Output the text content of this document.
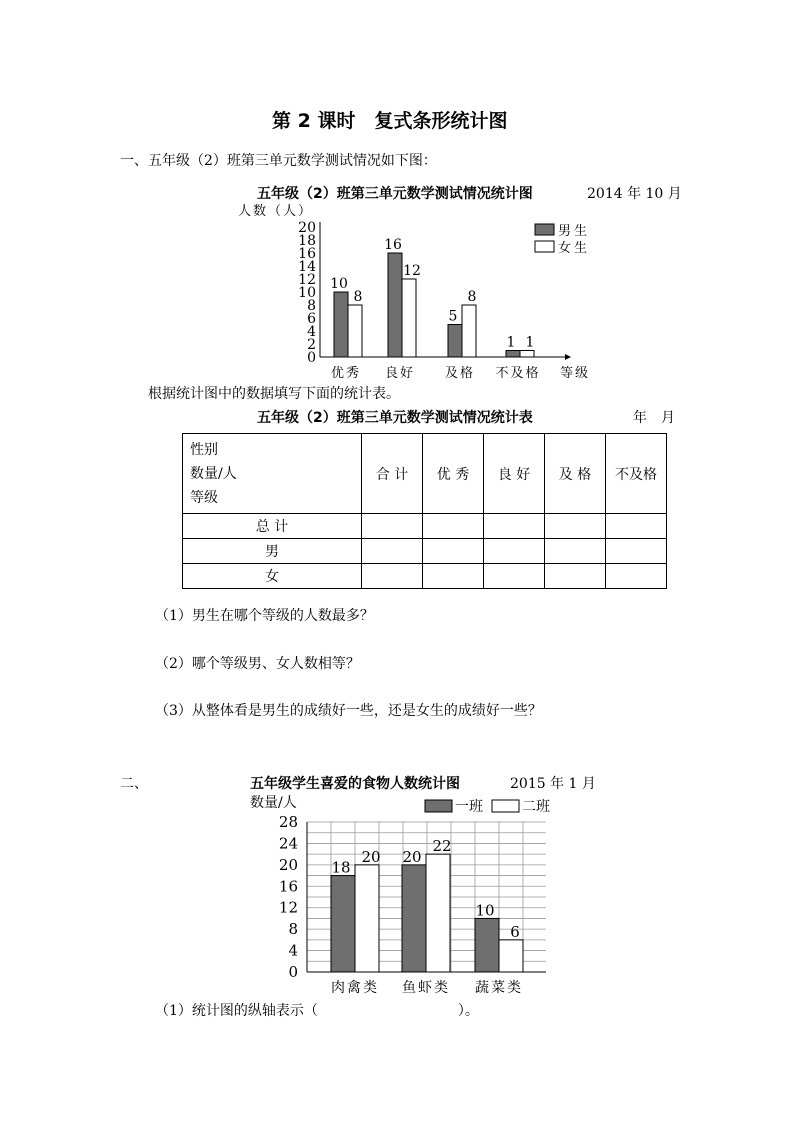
第 2 课时　复式条形统计图
一、五年级（2）班第三单元数学测试情况如下图：
五年级（2）班第三单元数学测试情况统计图	2014 年 10 月
人数（人）
0
2
4
6
8
10
12
14
16
18
20
10
8
优秀
16
12
良好
5
8
及格
1 1
不及格 等级
男生
女生
根据统计图中的数据填写下面的统计表。
五年级（2）班第三单元数学测试情况统计表	年　月
性别
数量/人
等级	合 计	优 秀	良 好	及 格	不及格
总 计					
男					
女					
（1）男生在哪个等级的人数最多？
（2）哪个等级男、女人数相等？
（3）从整体看是男生的成绩好一些，还是女生的成绩好一些？
二、	五年级学生喜爱的食物人数统计图	2015 年 1 月
数量/人
0
4
8
12
16
20
24
28
18
20
肉禽类
20
22
鱼虾类
10
6
蔬菜类
一班	二班
（1）统计图的纵轴表示（　　　　　　　　　　）。
